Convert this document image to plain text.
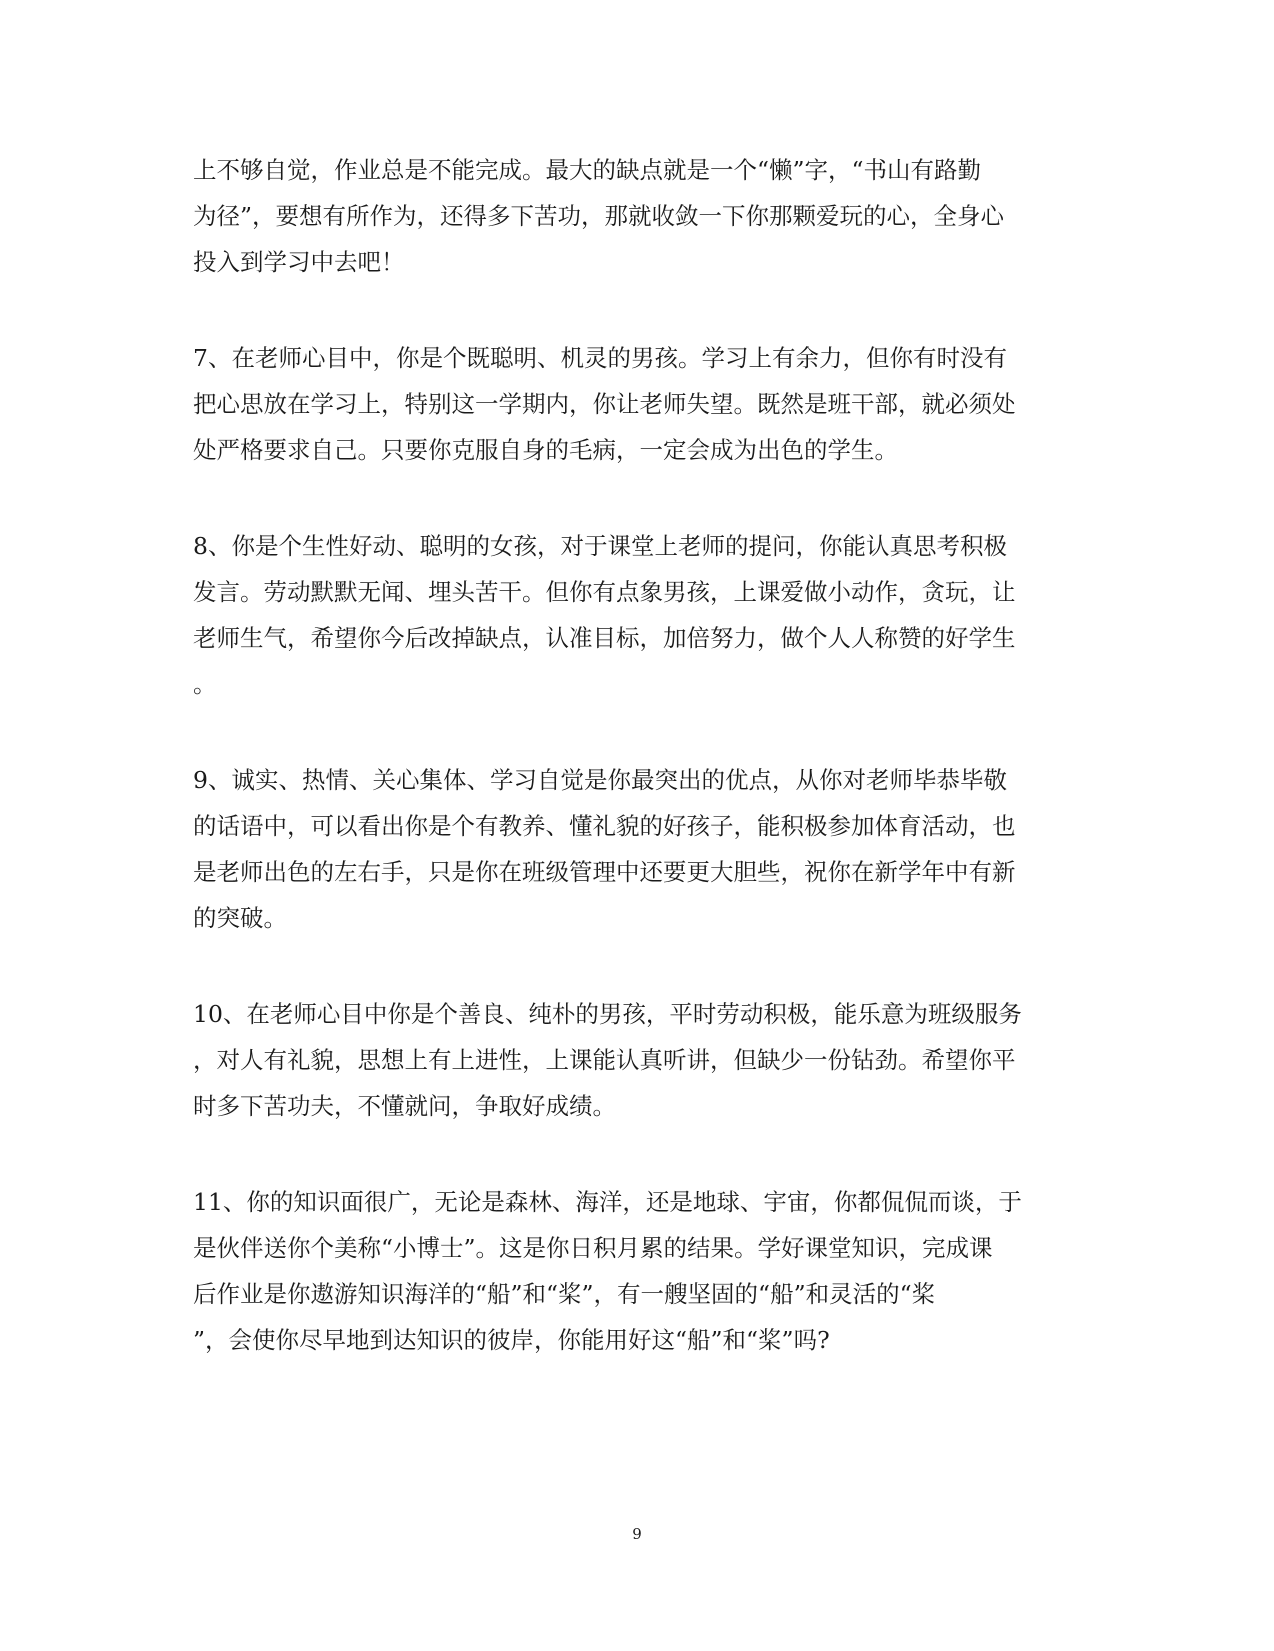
上不够自觉，作业总是不能完成。最大的缺点就是一个“懒”字，“书山有路勤
为径”，要想有所作为，还得多下苦功，那就收敛一下你那颗爱玩的心，全身心
投入到学习中去吧！
7、在老师心目中，你是个既聪明、机灵的男孩。学习上有余力，但你有时没有
把心思放在学习上，特别这一学期内，你让老师失望。既然是班干部，就必须处
处严格要求自己。只要你克服自身的毛病，一定会成为出色的学生。
8、你是个生性好动、聪明的女孩，对于课堂上老师的提问，你能认真思考积极
发言。劳动默默无闻、埋头苦干。但你有点象男孩，上课爱做小动作，贪玩，让
老师生气，希望你今后改掉缺点，认准目标，加倍努力，做个人人称赞的好学生
。
9、诚实、热情、关心集体、学习自觉是你最突出的优点，从你对老师毕恭毕敬
的话语中，可以看出你是个有教养、懂礼貌的好孩子，能积极参加体育活动，也
是老师出色的左右手，只是你在班级管理中还要更大胆些，祝你在新学年中有新
的突破。
10、在老师心目中你是个善良、纯朴的男孩，平时劳动积极，能乐意为班级服务
，对人有礼貌，思想上有上进性，上课能认真听讲，但缺少一份钻劲。希望你平
时多下苦功夫，不懂就问，争取好成绩。
11、你的知识面很广，无论是森林、海洋，还是地球、宇宙，你都侃侃而谈，于
是伙伴送你个美称“小博士”。这是你日积月累的结果。学好课堂知识，完成课
后作业是你遨游知识海洋的“船”和“桨”，有一艘坚固的“船”和灵活的“桨
”，会使你尽早地到达知识的彼岸，你能用好这“船”和“桨”吗?
9
